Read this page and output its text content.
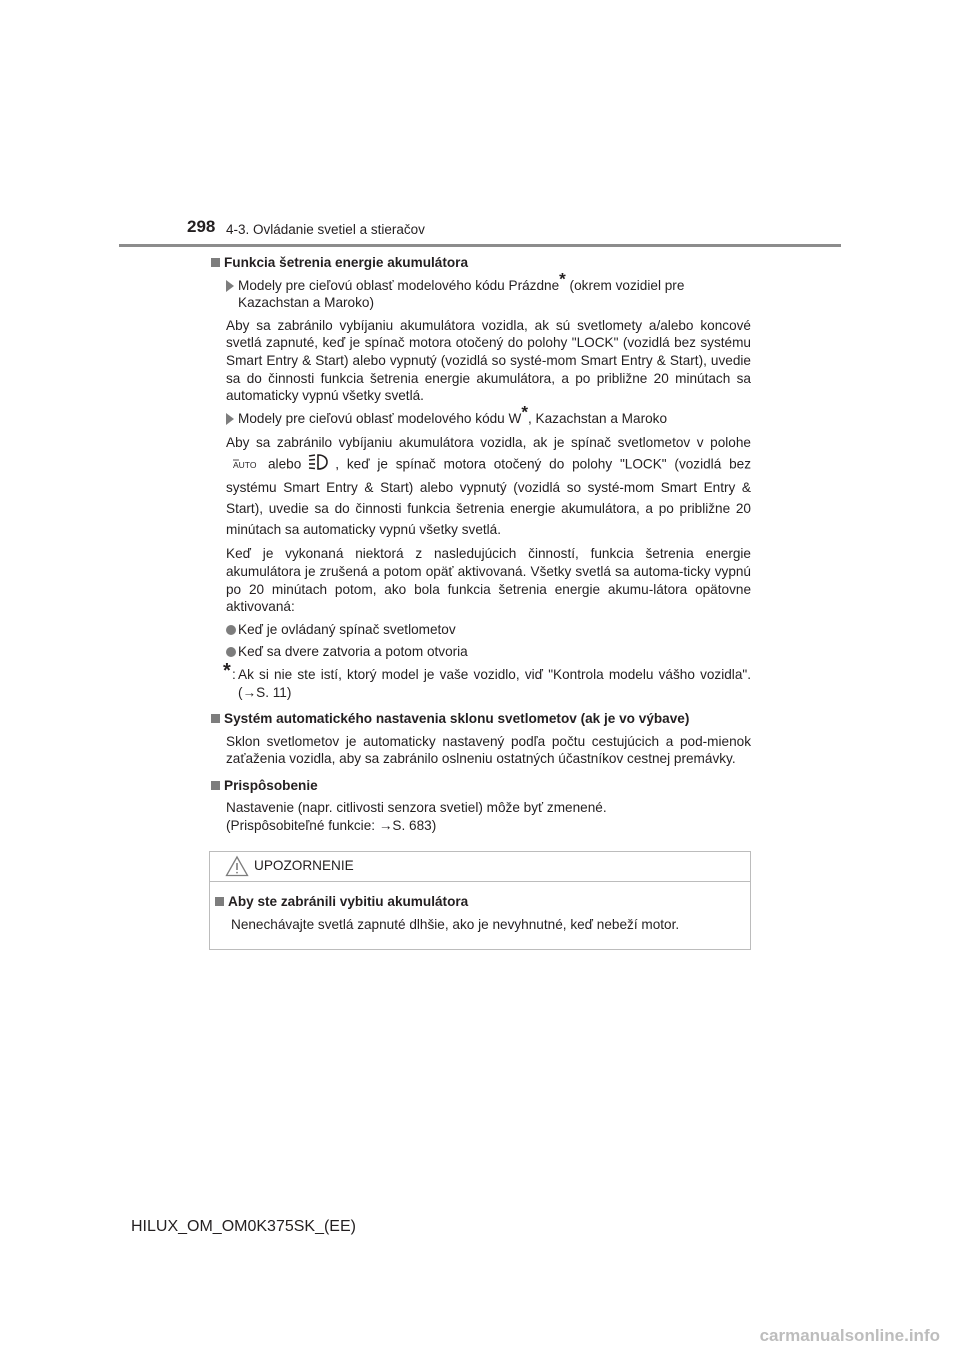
298 4-3. Ovládanie svetiel a stieračov

Funkcia šetrenia energie akumulátora

Modely pre cieľovú oblasť modelového kódu Prázdne* (okrem vozidiel pre Kazachstan a Maroko)

Aby sa zabránilo vybíjaniu akumulátora vozidla, ak sú svetlomety a/alebo koncové svetlá zapnuté, keď je spínač motora otočený do polohy "LOCK" (vozidlá bez systému Smart Entry & Start) alebo vypnutý (vozidlá so systé-mom Smart Entry & Start), uvedie sa do činnosti funkcia šetrenia energie akumulátora, a po približne 20 minútach sa automaticky vypnú všetky svetlá.

Modely pre cieľovú oblasť modelového kódu W*, Kazachstan a Maroko

Aby sa zabránilo vybíjaniu akumulátora vozidla, ak je spínač svetlometov v polohe
AUTO alebo	, keď je spínač motora otočený do polohy "LOCK" (vozidlá bez systému Smart Entry & Start) alebo vypnutý (vozidlá so systé-mom Smart Entry & Start), uvedie sa do činnosti funkcia šetrenia energie akumulátora, a po približne 20 minútach sa automaticky vypnú všetky svetlá.

Keď je vykonaná niektorá z nasledujúcich činností, funkcia šetrenia energie akumulátora je zrušená a potom opäť aktivovaná. Všetky svetlá sa automa-ticky vypnú po 20 minútach potom, ako bola funkcia šetrenia energie akumu-látora opätovne aktivovaná:

Keď je ovládaný spínač svetlometov

Keď sa dvere zatvoria a potom otvoria

* : Ak si nie ste istí, ktorý model je vaše vozidlo, viď "Kontrola modelu vášho vozidla". (→S. 11)

Systém automatického nastavenia sklonu svetlometov (ak je vo výbave)

Sklon svetlometov je automaticky nastavený podľa počtu cestujúcich a pod-mienok zaťaženia vozidla, aby sa zabránilo oslneniu ostatných účastníkov cestnej premávky.

Prispôsobenie

Nastavenie (napr. citlivosti senzora svetiel) môže byť zmenené.

(Prispôsobiteľné funkcie: →S. 683)

UPOZORNENIE

Aby ste zabránili vybitiu akumulátora

Nenechávajte svetlá zapnuté dlhšie, ako je nevyhnutné, keď nebeží motor.

HILUX_OM_OM0K375SK_(EE)
carmanualsonline.info
